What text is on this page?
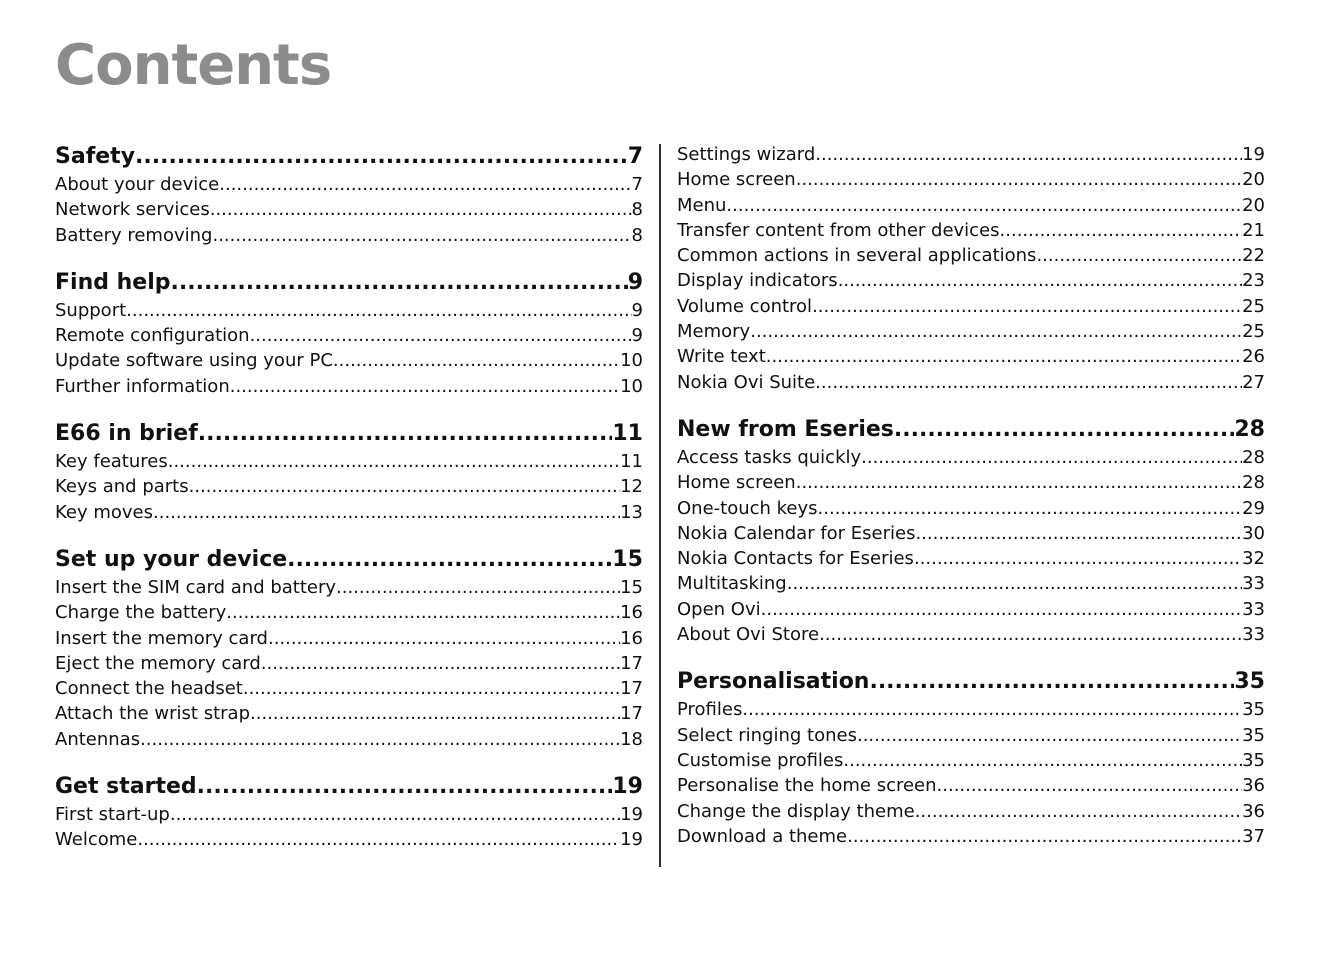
Contents
Safety .....	7
About your device .....	7
Network services .....	8
Battery removing .....	8
Find help .....	9
Support .....	9
Remote configuration .....	9
Update software using your PC .....	10
Further information .....	10
E66 in brief .....	11
Key features .....	11
Keys and parts .....	12
Key moves .....	13
Set up your device .....	15
Insert the SIM card and battery .....	15
Charge the battery .....	16
Insert the memory card .....	16
Eject the memory card .....	17
Connect the headset .....	17
Attach the wrist strap .....	17
Antennas .....	18
Get started .....	19
First start-up .....	19
Welcome .....	19
Settings wizard .....	19
Home screen .....	20
Menu .....	20
Transfer content from other devices .....	21
Common actions in several applications .....	22
Display indicators .....	23
Volume control .....	25
Memory .....	25
Write text .....	26
Nokia Ovi Suite .....	27
New from Eseries .....	28
Access tasks quickly .....	28
Home screen .....	28
One-touch keys .....	29
Nokia Calendar for Eseries .....	30
Nokia Contacts for Eseries .....	32
Multitasking .....	33
Open Ovi .....	33
About Ovi Store .....	33
Personalisation .....	35
Profiles .....	35
Select ringing tones .....	35
Customise profiles .....	35
Personalise the home screen .....	36
Change the display theme .....	36
Download a theme .....	37
